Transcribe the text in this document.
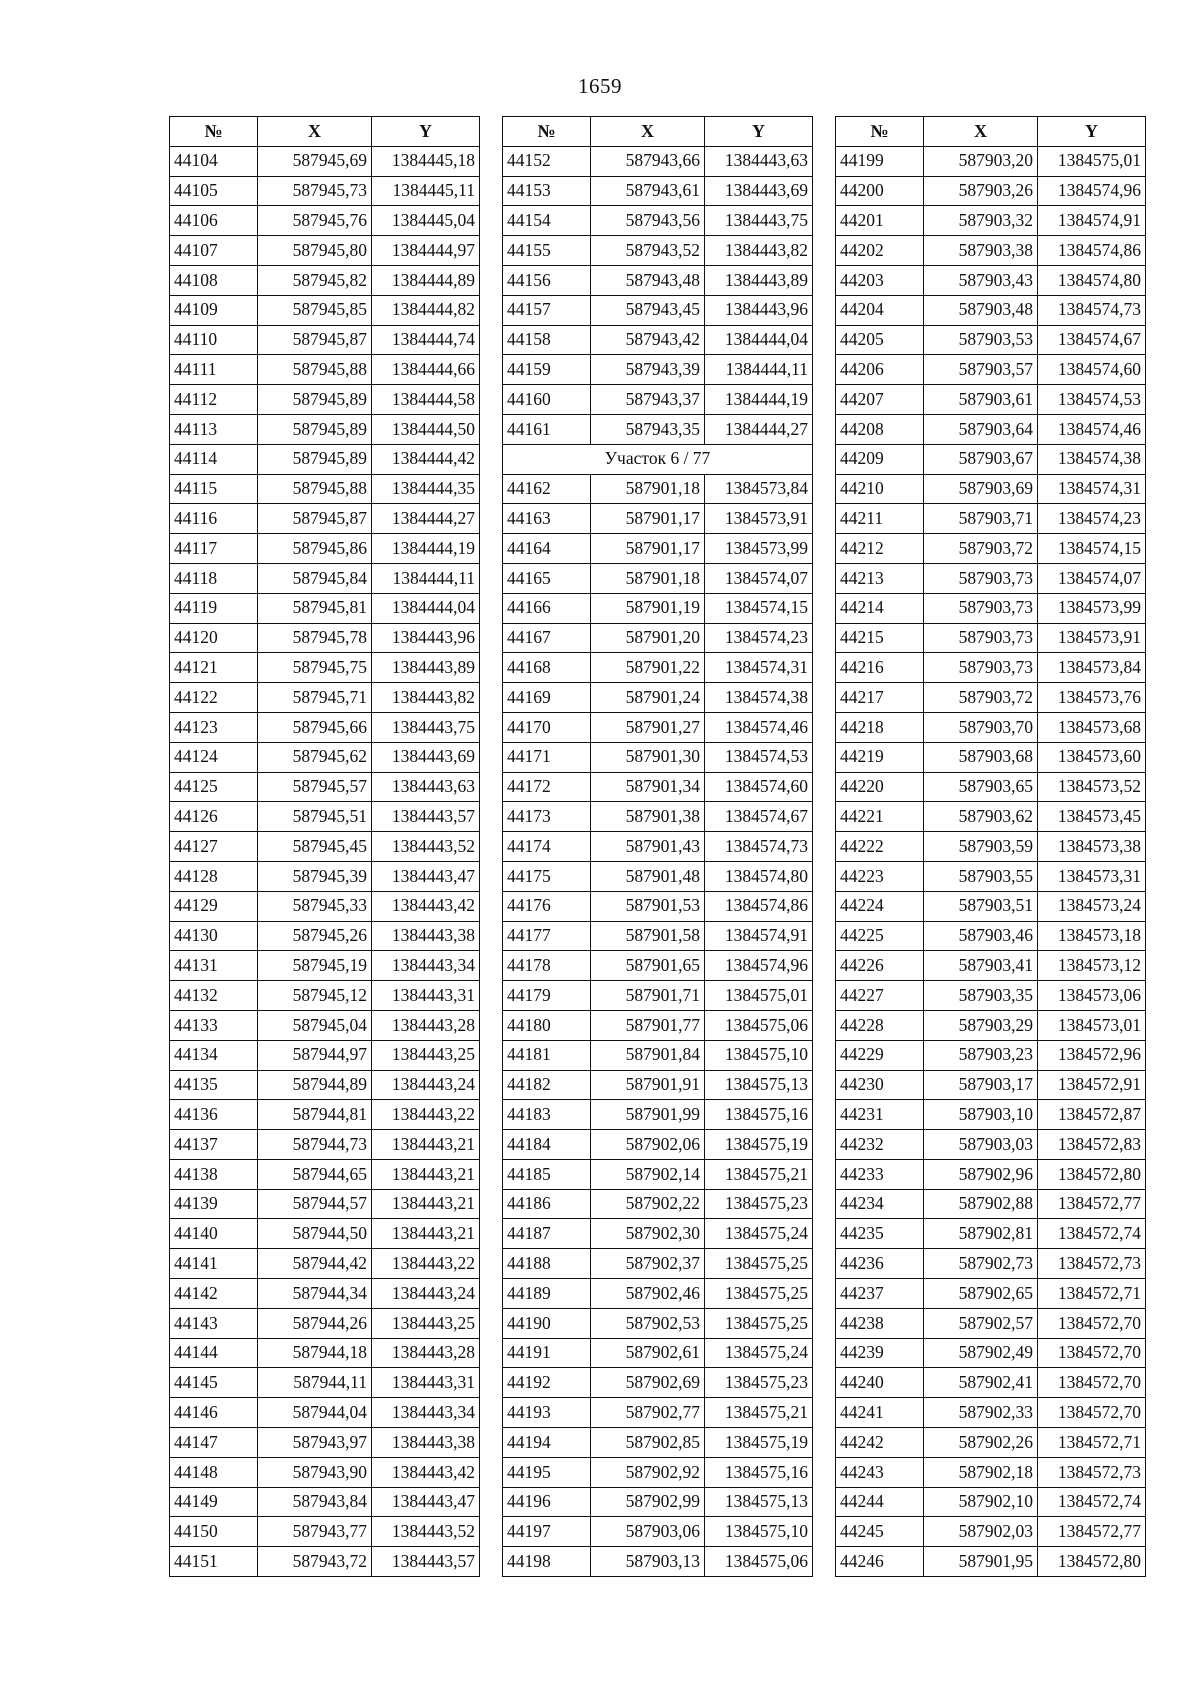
1659
№	X	Y
44104	587945,69	1384445,18
44105	587945,73	1384445,11
44106	587945,76	1384445,04
44107	587945,80	1384444,97
44108	587945,82	1384444,89
44109	587945,85	1384444,82
44110	587945,87	1384444,74
44111	587945,88	1384444,66
44112	587945,89	1384444,58
44113	587945,89	1384444,50
44114	587945,89	1384444,42
44115	587945,88	1384444,35
44116	587945,87	1384444,27
44117	587945,86	1384444,19
44118	587945,84	1384444,11
44119	587945,81	1384444,04
44120	587945,78	1384443,96
44121	587945,75	1384443,89
44122	587945,71	1384443,82
44123	587945,66	1384443,75
44124	587945,62	1384443,69
44125	587945,57	1384443,63
44126	587945,51	1384443,57
44127	587945,45	1384443,52
44128	587945,39	1384443,47
44129	587945,33	1384443,42
44130	587945,26	1384443,38
44131	587945,19	1384443,34
44132	587945,12	1384443,31
44133	587945,04	1384443,28
44134	587944,97	1384443,25
44135	587944,89	1384443,24
44136	587944,81	1384443,22
44137	587944,73	1384443,21
44138	587944,65	1384443,21
44139	587944,57	1384443,21
44140	587944,50	1384443,21
44141	587944,42	1384443,22
44142	587944,34	1384443,24
44143	587944,26	1384443,25
44144	587944,18	1384443,28
44145	587944,11	1384443,31
44146	587944,04	1384443,34
44147	587943,97	1384443,38
44148	587943,90	1384443,42
44149	587943,84	1384443,47
44150	587943,77	1384443,52
44151	587943,72	1384443,57
№	X	Y
44152	587943,66	1384443,63
44153	587943,61	1384443,69
44154	587943,56	1384443,75
44155	587943,52	1384443,82
44156	587943,48	1384443,89
44157	587943,45	1384443,96
44158	587943,42	1384444,04
44159	587943,39	1384444,11
44160	587943,37	1384444,19
44161	587943,35	1384444,27
Участок 6 / 77		
44162	587901,18	1384573,84
44163	587901,17	1384573,91
44164	587901,17	1384573,99
44165	587901,18	1384574,07
44166	587901,19	1384574,15
44167	587901,20	1384574,23
44168	587901,22	1384574,31
44169	587901,24	1384574,38
44170	587901,27	1384574,46
44171	587901,30	1384574,53
44172	587901,34	1384574,60
44173	587901,38	1384574,67
44174	587901,43	1384574,73
44175	587901,48	1384574,80
44176	587901,53	1384574,86
44177	587901,58	1384574,91
44178	587901,65	1384574,96
44179	587901,71	1384575,01
44180	587901,77	1384575,06
44181	587901,84	1384575,10
44182	587901,91	1384575,13
44183	587901,99	1384575,16
44184	587902,06	1384575,19
44185	587902,14	1384575,21
44186	587902,22	1384575,23
44187	587902,30	1384575,24
44188	587902,37	1384575,25
44189	587902,46	1384575,25
44190	587902,53	1384575,25
44191	587902,61	1384575,24
44192	587902,69	1384575,23
44193	587902,77	1384575,21
44194	587902,85	1384575,19
44195	587902,92	1384575,16
44196	587902,99	1384575,13
44197	587903,06	1384575,10
44198	587903,13	1384575,06
№	X	Y
44199	587903,20	1384575,01
44200	587903,26	1384574,96
44201	587903,32	1384574,91
44202	587903,38	1384574,86
44203	587903,43	1384574,80
44204	587903,48	1384574,73
44205	587903,53	1384574,67
44206	587903,57	1384574,60
44207	587903,61	1384574,53
44208	587903,64	1384574,46
44209	587903,67	1384574,38
44210	587903,69	1384574,31
44211	587903,71	1384574,23
44212	587903,72	1384574,15
44213	587903,73	1384574,07
44214	587903,73	1384573,99
44215	587903,73	1384573,91
44216	587903,73	1384573,84
44217	587903,72	1384573,76
44218	587903,70	1384573,68
44219	587903,68	1384573,60
44220	587903,65	1384573,52
44221	587903,62	1384573,45
44222	587903,59	1384573,38
44223	587903,55	1384573,31
44224	587903,51	1384573,24
44225	587903,46	1384573,18
44226	587903,41	1384573,12
44227	587903,35	1384573,06
44228	587903,29	1384573,01
44229	587903,23	1384572,96
44230	587903,17	1384572,91
44231	587903,10	1384572,87
44232	587903,03	1384572,83
44233	587902,96	1384572,80
44234	587902,88	1384572,77
44235	587902,81	1384572,74
44236	587902,73	1384572,73
44237	587902,65	1384572,71
44238	587902,57	1384572,70
44239	587902,49	1384572,70
44240	587902,41	1384572,70
44241	587902,33	1384572,70
44242	587902,26	1384572,71
44243	587902,18	1384572,73
44244	587902,10	1384572,74
44245	587902,03	1384572,77
44246	587901,95	1384572,80
